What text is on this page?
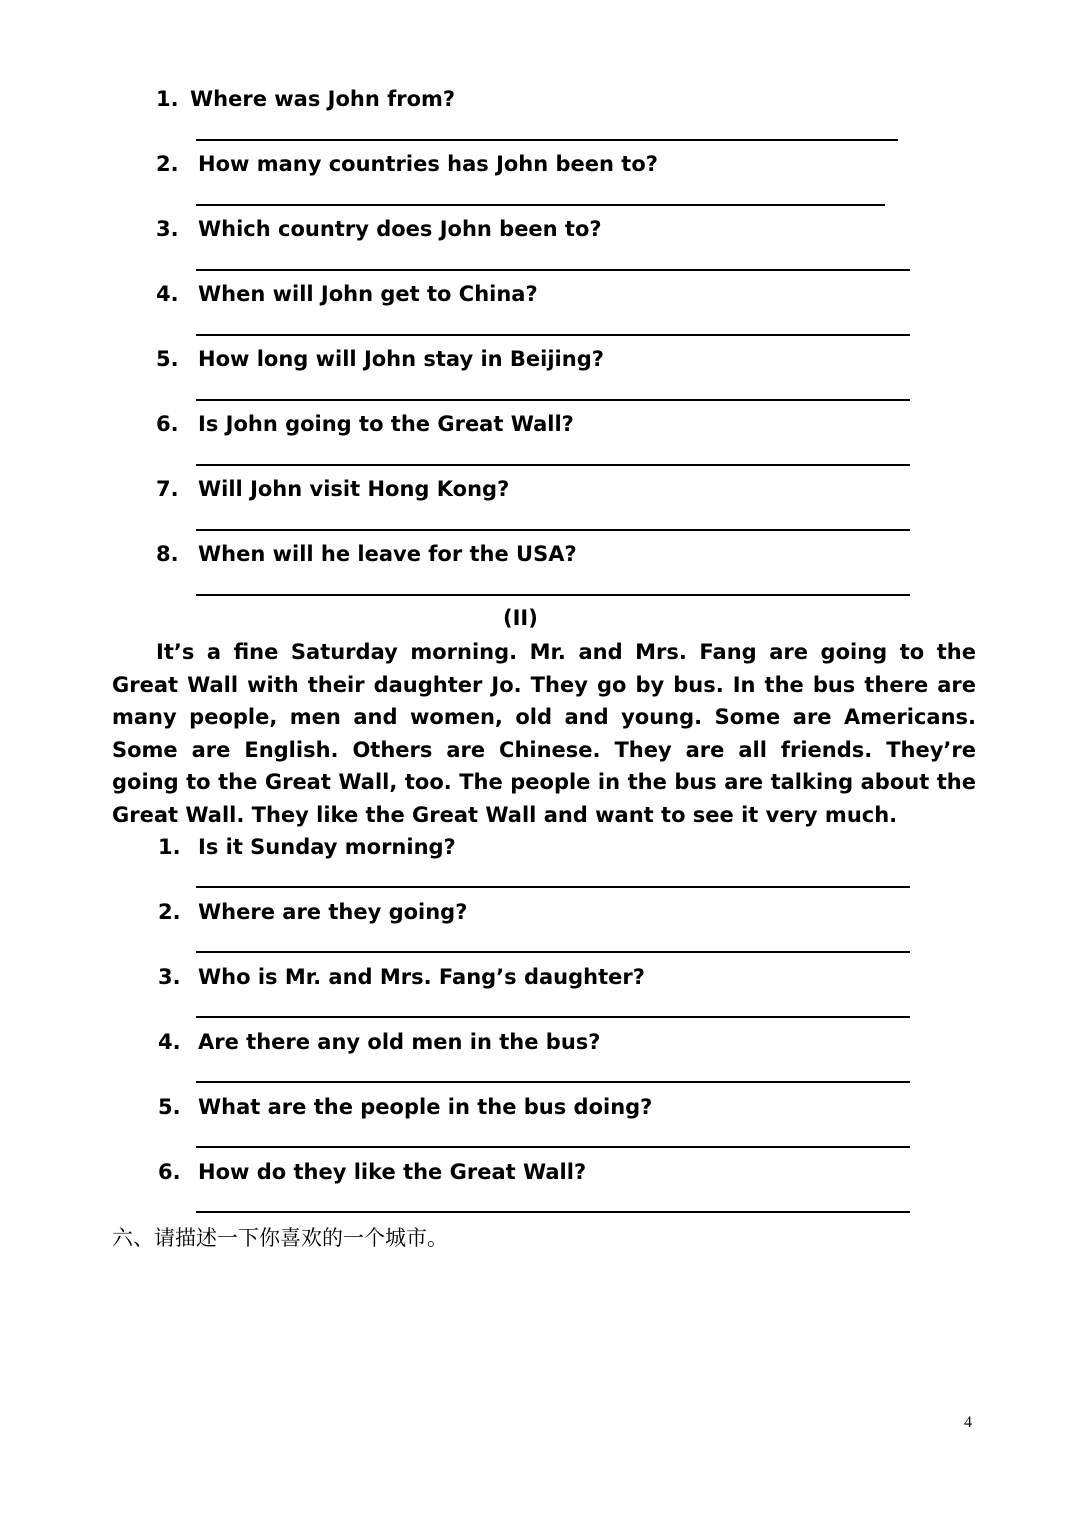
1. Where was John from?
2. How many countries has John been to?
3. Which country does John been to?
4. When will John get to China?
5. How long will John stay in Beijing?
6. Is John going to the Great Wall?
7. Will John visit Hong Kong?
8. When will he leave for the USA?
(II)
It’s a fine Saturday morning. Mr. and Mrs. Fang are going to the Great Wall with their daughter Jo. They go by bus. In the bus there are many people, men and women, old and young. Some are Americans. Some are English. Others are Chinese. They are all friends. They’re going to the Great Wall, too. The people in the bus are talking about the Great Wall. They like the Great Wall and want to see it very much.
1. Is it Sunday morning?
2. Where are they going?
3. Who is Mr. and Mrs. Fang’s daughter?
4. Are there any old men in the bus?
5. What are the people in the bus doing?
6. How do they like the Great Wall?
六、请描述一下你喜欢的一个城市。
4
